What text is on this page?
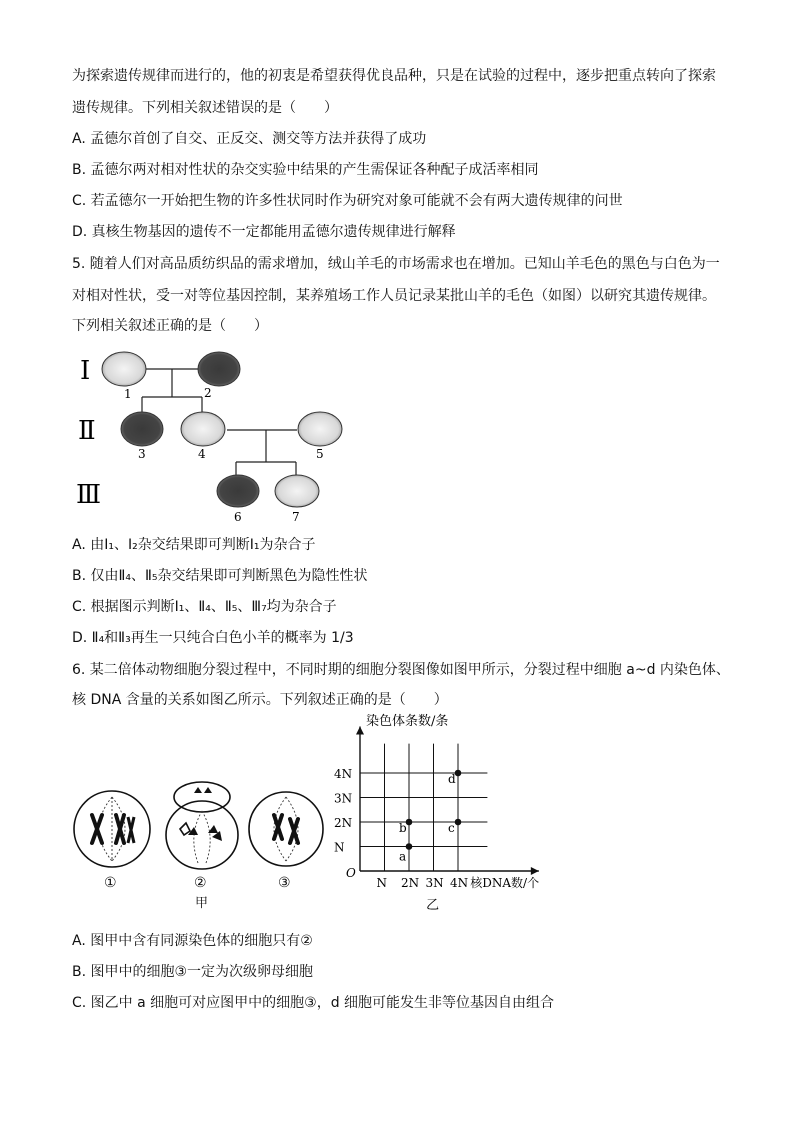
为探索遗传规律而进行的，他的初衷是希望获得优良品种，只是在试验的过程中，逐步把重点转向了探索
遗传规律。下列相关叙述错误的是（　　）
A. 孟德尔首创了自交、正反交、测交等方法并获得了成功
B. 孟德尔两对相对性状的杂交实验中结果的产生需保证各种配子成活率相同
C. 若孟德尔一开始把生物的许多性状同时作为研究对象可能就不会有两大遗传规律的问世
D. 真核生物基因的遗传不一定都能用孟德尔遗传规律进行解释
5. 随着人们对高品质纺织品的需求增加，绒山羊毛的市场需求也在增加。已知山羊毛色的黑色与白色为一
对相对性状，受一对等位基因控制，某养殖场工作人员记录某批山羊的毛色（如图）以研究其遗传规律。
下列相关叙述正确的是（　　）
Ⅰ
Ⅱ
Ⅲ
1	2
3	4	5
6	7
A. 由Ⅰ₁、Ⅰ₂杂交结果即可判断Ⅰ₁为杂合子
B. 仅由Ⅱ₄、Ⅱ₅杂交结果即可判断黑色为隐性性状
C. 根据图示判断Ⅰ₁、Ⅱ₄、Ⅱ₅、Ⅲ₇均为杂合子
D. Ⅱ₄和Ⅱ₃再生一只纯合白色小羊的概率为 1/3
6. 某二倍体动物细胞分裂过程中，不同时期的细胞分裂图像如图甲所示，分裂过程中细胞 a~d 内染色体、
核 DNA 含量的关系如图乙所示。下列叙述正确的是（　　）
①	②	③
甲
N 2N 3N 4N
N
2N
3N
4N
O
核DNA数/个
染色体条数/条
乙
a
b	c
d
A. 图甲中含有同源染色体的细胞只有②
B. 图甲中的细胞③一定为次级卵母细胞
C. 图乙中 a 细胞可对应图甲中的细胞③，d 细胞可能发生非等位基因自由组合
